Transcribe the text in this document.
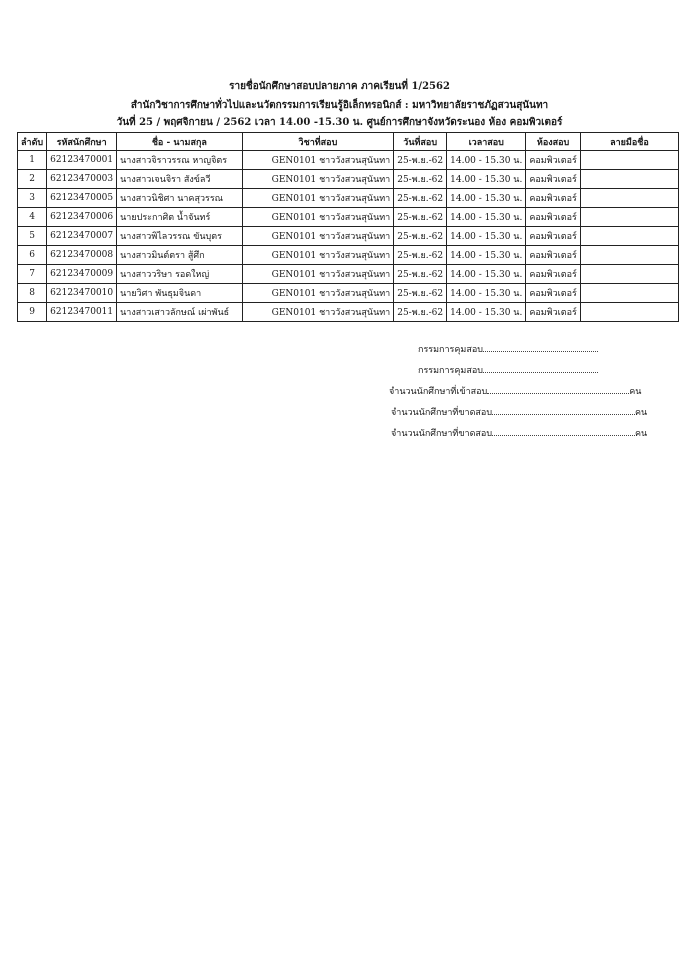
รายชื่อนักศึกษาสอบปลายภาค ภาคเรียนที่ 1/2562
สำนักวิชาการศึกษาทั่วไปและนวัตกรรมการเรียนรู้อิเล็กทรอนิกส์ : มหาวิทยาลัยราชภัฏสวนสุนันทา
วันที่ 25 / พฤศจิกายน / 2562 เวลา 14.00 -15.30 น. ศูนย์การศึกษาจังหวัดระนอง ห้อง คอมพิวเตอร์
ลำดับ	รหัสนักศึกษา	ชื่อ - นามสกุล	วิชาที่สอบ	วันที่สอบ	เวลาสอบ	ห้องสอบ	ลายมือชื่อ
1	62123470001	นางสาวจิราวรรณ หาญจิตร	GEN0101 ชาววังสวนสุนันทา	25-พ.ย.-62	14.00 - 15.30 น.	คอมพิวเตอร์	
2	62123470003	นางสาวเจนจิรา สังข์ลวี	GEN0101 ชาววังสวนสุนันทา	25-พ.ย.-62	14.00 - 15.30 น.	คอมพิวเตอร์	
3	62123470005	นางสาวนิชิศา นาคสุวรรณ	GEN0101 ชาววังสวนสุนันทา	25-พ.ย.-62	14.00 - 15.30 น.	คอมพิวเตอร์	
4	62123470006	นายประกาศิต น้ำจันทร์	GEN0101 ชาววังสวนสุนันทา	25-พ.ย.-62	14.00 - 15.30 น.	คอมพิวเตอร์	
5	62123470007	นางสาวพิไลวรรณ ขันบุตร	GEN0101 ชาววังสวนสุนันทา	25-พ.ย.-62	14.00 - 15.30 น.	คอมพิวเตอร์	
6	62123470008	นางสาวมินต์ตรา สู้ศึก	GEN0101 ชาววังสวนสุนันทา	25-พ.ย.-62	14.00 - 15.30 น.	คอมพิวเตอร์	
7	62123470009	นางสาววริษา รอดใหญ่	GEN0101 ชาววังสวนสุนันทา	25-พ.ย.-62	14.00 - 15.30 น.	คอมพิวเตอร์	
8	62123470010	นายวิศา พันธุมจินดา	GEN0101 ชาววังสวนสุนันทา	25-พ.ย.-62	14.00 - 15.30 น.	คอมพิวเตอร์	
9	62123470011	นางสาวเสาวลักษณ์ เผ่าพันธ์	GEN0101 ชาววังสวนสุนันทา	25-พ.ย.-62	14.00 - 15.30 น.	คอมพิวเตอร์	
กรรมการคุมสอบ
กรรมการคุมสอบ
จำนวนนักศึกษาที่เข้าสอบ	คน
จำนวนนักศึกษาที่ขาดสอบ	คน
จำนวนนักศึกษาที่ขาดสอบ	คน
